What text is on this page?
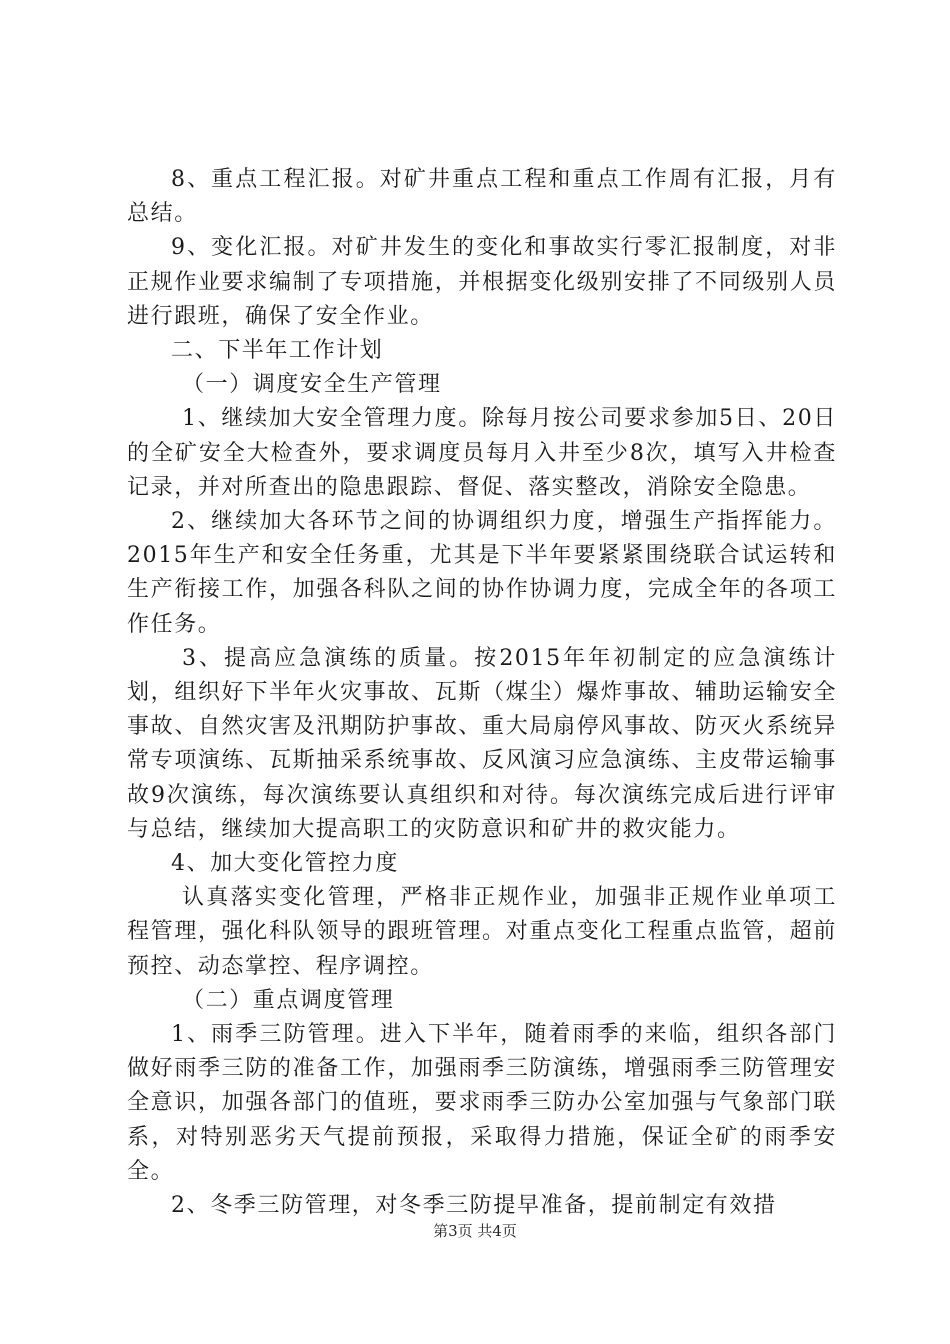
8、重点工程汇报。对矿井重点工程和重点工作周有汇报，月有总结。

9、变化汇报。对矿井发生的变化和事故实行零汇报制度，对非正规作业要求编制了专项措施，并根据变化级别安排了不同级别人员进行跟班，确保了安全作业。

二、下半年工作计划

（一）调度安全生产管理

1、继续加大安全管理力度。除每月按公司要求参加5日、20日的全矿安全大检查外，要求调度员每月入井至少8次，填写入井检查记录，并对所查出的隐患跟踪、督促、落实整改，消除安全隐患。

2、继续加大各环节之间的协调组织力度，增强生产指挥能力。2015年生产和安全任务重，尤其是下半年要紧紧围绕联合试运转和生产衔接工作，加强各科队之间的协作协调力度，完成全年的各项工作任务。

3、提高应急演练的质量。按2015年年初制定的应急演练计划，组织好下半年火灾事故、瓦斯（煤尘）爆炸事故、辅助运输安全事故、自然灾害及汛期防护事故、重大局扇停风事故、防灭火系统异常专项演练、瓦斯抽采系统事故、反风演习应急演练、主皮带运输事故9次演练，每次演练要认真组织和对待。每次演练完成后进行评审与总结，继续加大提高职工的灾防意识和矿井的救灾能力。

4、加大变化管控力度

认真落实变化管理，严格非正规作业，加强非正规作业单项工程管理，强化科队领导的跟班管理。对重点变化工程重点监管，超前预控、动态掌控、程序调控。

（二）重点调度管理

1、雨季三防管理。进入下半年，随着雨季的来临，组织各部门做好雨季三防的准备工作，加强雨季三防演练，增强雨季三防管理安全意识，加强各部门的值班，要求雨季三防办公室加强与气象部门联系，对特别恶劣天气提前预报，采取得力措施，保证全矿的雨季安全。

2、冬季三防管理，对冬季三防提早准备，提前制定有效措

第3页 共4页
